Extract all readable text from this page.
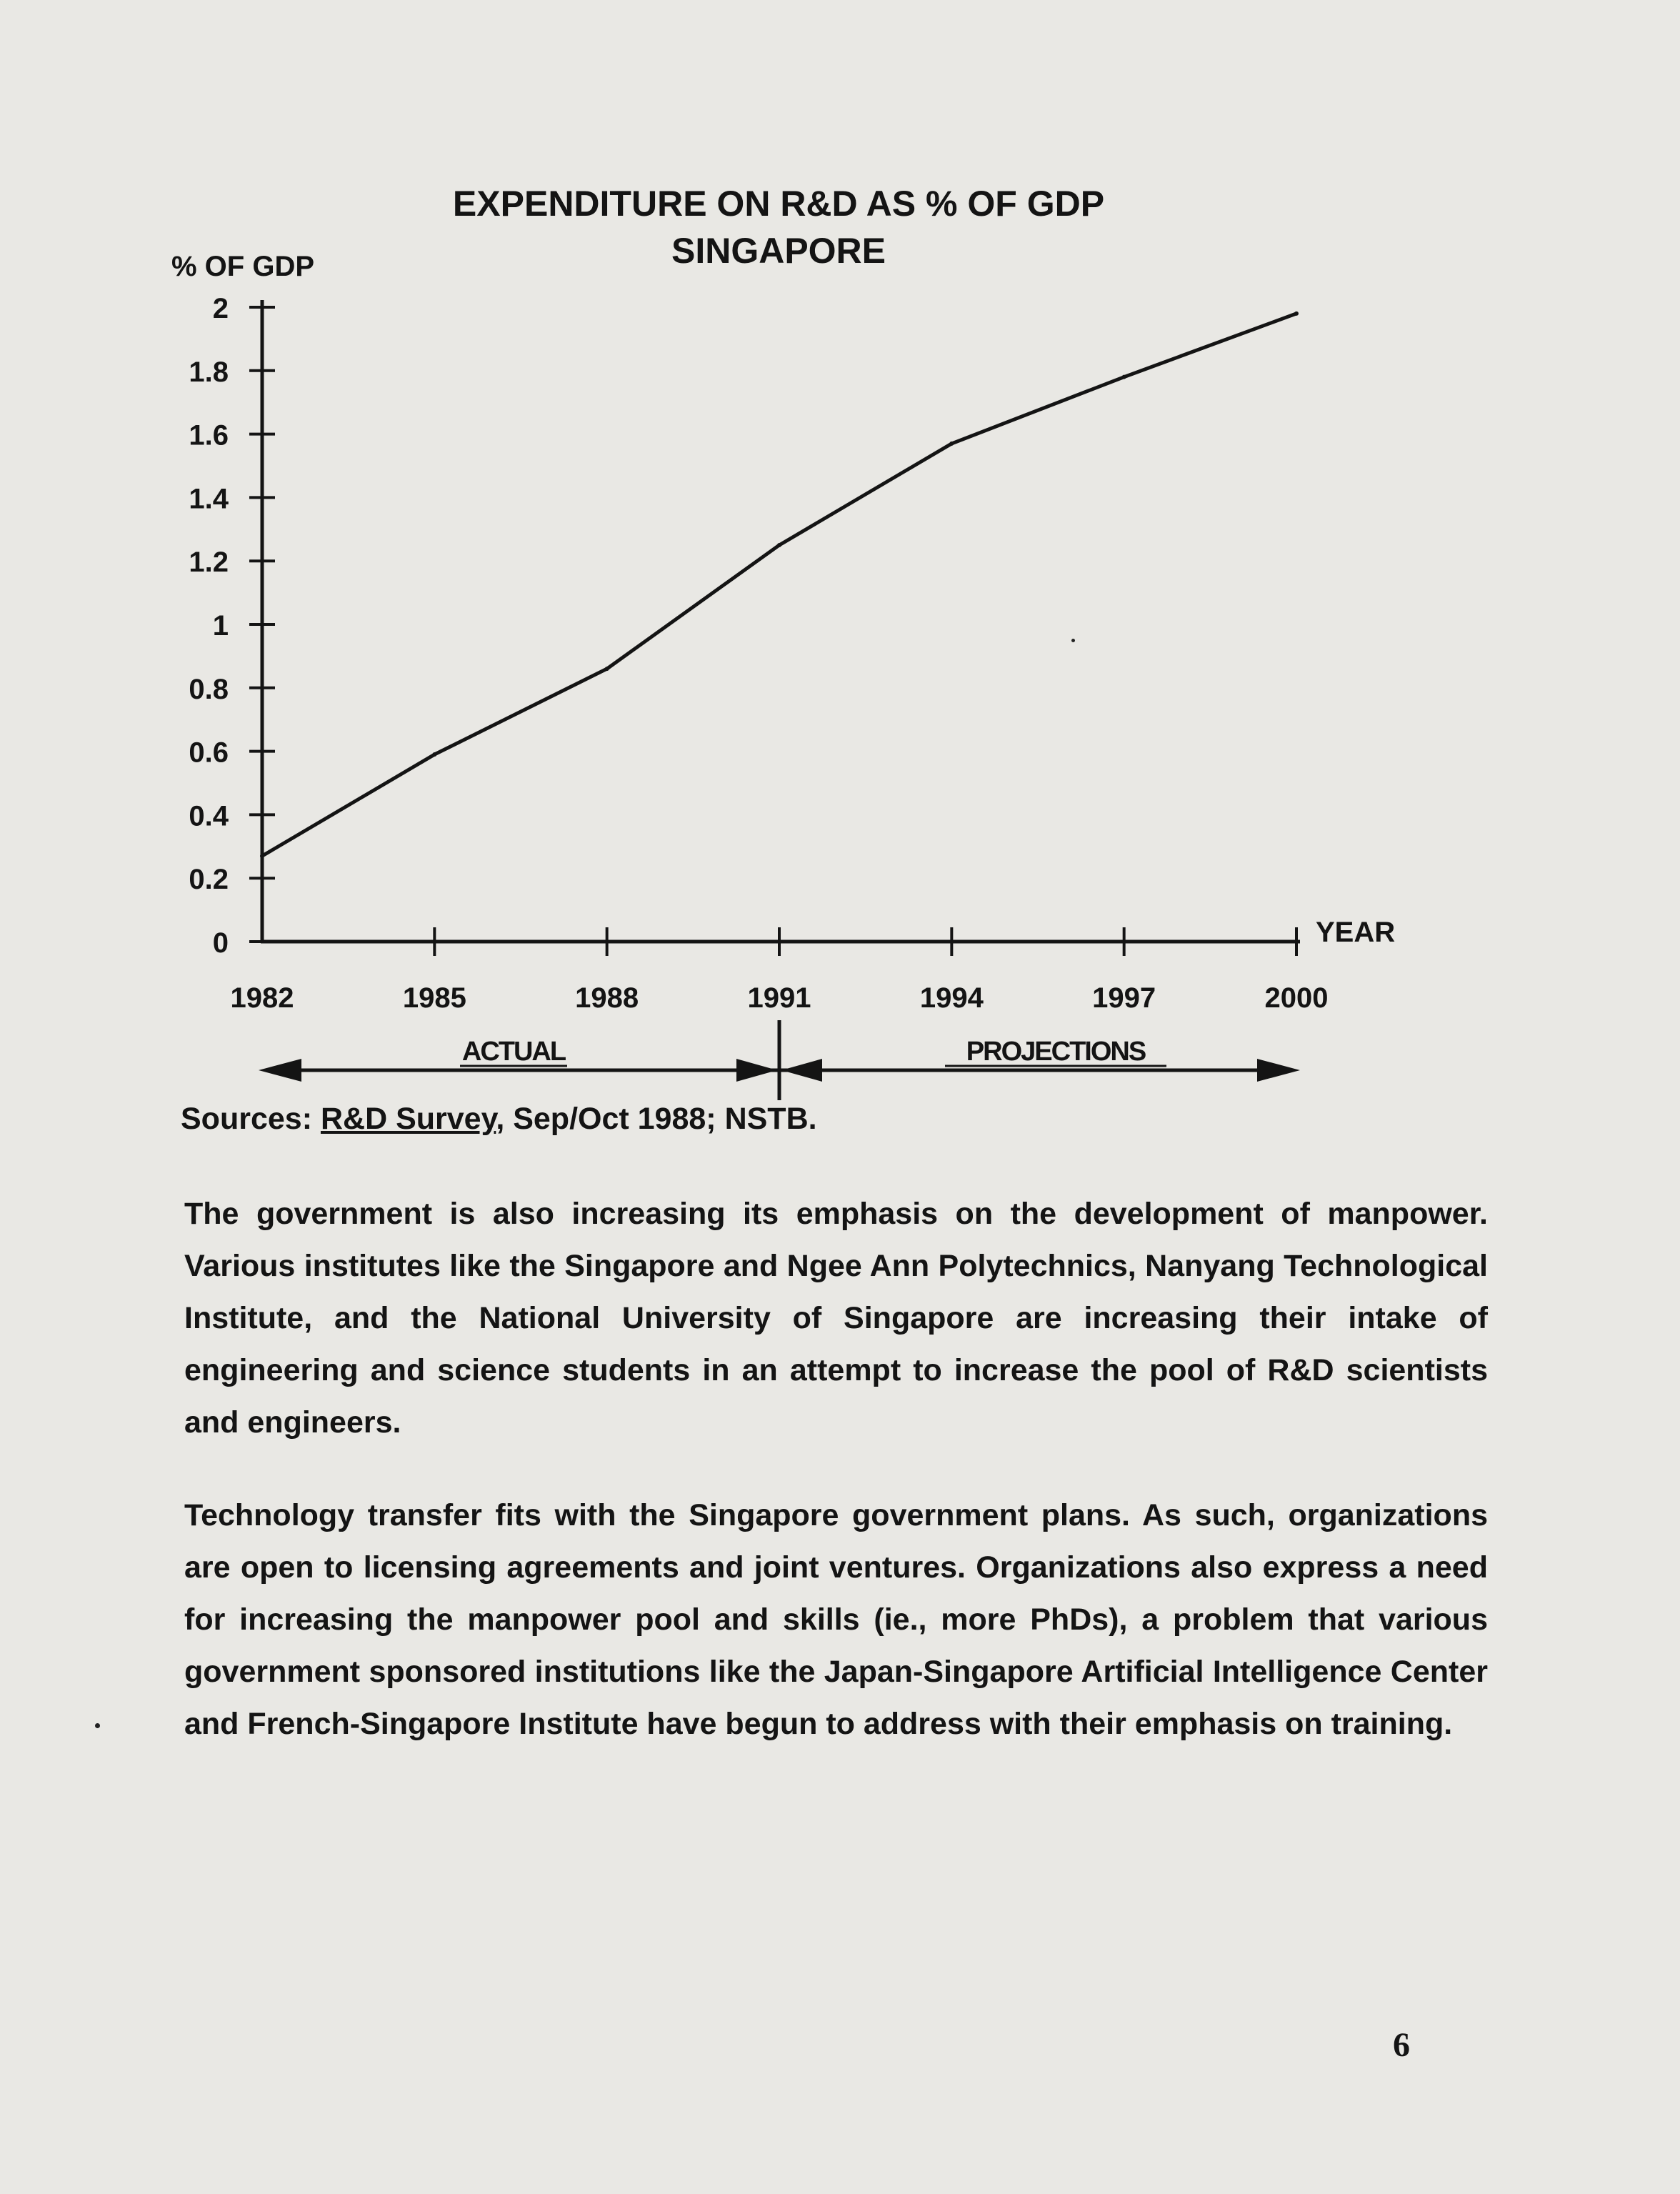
EXPENDITURE ON R&D AS % OF GDP
SINGAPORE
0
0.2
0.4
0.6
0.8
1
1.2
1.4
1.6
1.8
2
1982	1985	1988	1991	1994	1997	2000
% OF GDP
YEAR
ACTUAL	PROJECTIONS
Sources: R&D Survey, Sep/Oct 1988; NSTB.

The government is also increasing its emphasis on the development of manpower. Various institutes like the Singapore and Ngee Ann Polytechnics, Nanyang Technological Institute, and the National University of Singapore are increasing their intake of engineering and science students in an attempt to increase the pool of R&D scientists and engineers.

Technology transfer fits with the Singapore government plans. As such, organizations are open to licensing agreements and joint ventures. Organizations also express a need for increasing the manpower pool and skills (ie., more PhDs), a problem that various government sponsored institutions like the Japan-Singapore Artificial Intelligence Center and French-Singapore Institute have begun to address with their emphasis on training.

6
